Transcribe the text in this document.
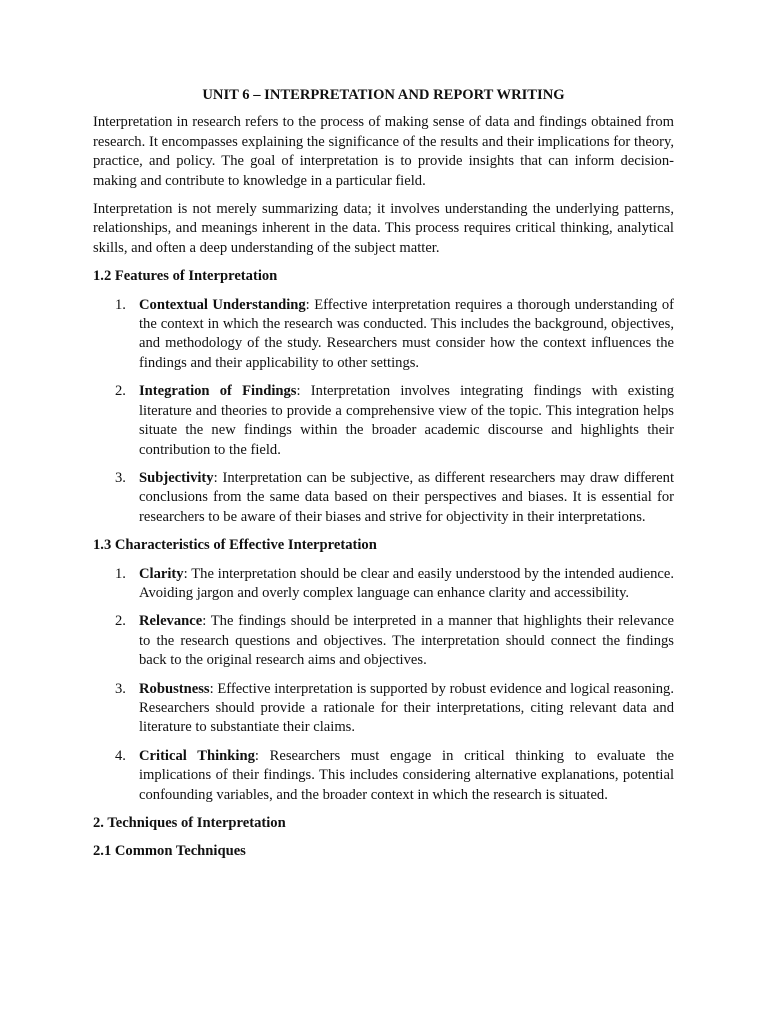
UNIT 6 – INTERPRETATION AND REPORT WRITING

Interpretation in research refers to the process of making sense of data and findings obtained from research. It encompasses explaining the significance of the results and their implications for theory, practice, and policy. The goal of interpretation is to provide insights that can inform decision-making and contribute to knowledge in a particular field.

Interpretation is not merely summarizing data; it involves understanding the underlying patterns, relationships, and meanings inherent in the data. This process requires critical thinking, analytical skills, and often a deep understanding of the subject matter.

1.2 Features of Interpretation
1. Contextual Understanding: Effective interpretation requires a thorough understanding of the context in which the research was conducted. This includes the background, objectives, and methodology of the study. Researchers must consider how the context influences the findings and their applicability to other settings.
2. Integration of Findings: Interpretation involves integrating findings with existing literature and theories to provide a comprehensive view of the topic. This integration helps situate the new findings within the broader academic discourse and highlights their contribution to the field.
3. Subjectivity: Interpretation can be subjective, as different researchers may draw different conclusions from the same data based on their perspectives and biases. It is essential for researchers to be aware of their biases and strive for objectivity in their interpretations.
1.3 Characteristics of Effective Interpretation
1. Clarity: The interpretation should be clear and easily understood by the intended audience. Avoiding jargon and overly complex language can enhance clarity and accessibility.
2. Relevance: The findings should be interpreted in a manner that highlights their relevance to the research questions and objectives. The interpretation should connect the findings back to the original research aims and objectives.
3. Robustness: Effective interpretation is supported by robust evidence and logical reasoning. Researchers should provide a rationale for their interpretations, citing relevant data and literature to substantiate their claims.
4. Critical Thinking: Researchers must engage in critical thinking to evaluate the implications of their findings. This includes considering alternative explanations, potential confounding variables, and the broader context in which the research is situated.
2. Techniques of Interpretation
2.1 Common Techniques
